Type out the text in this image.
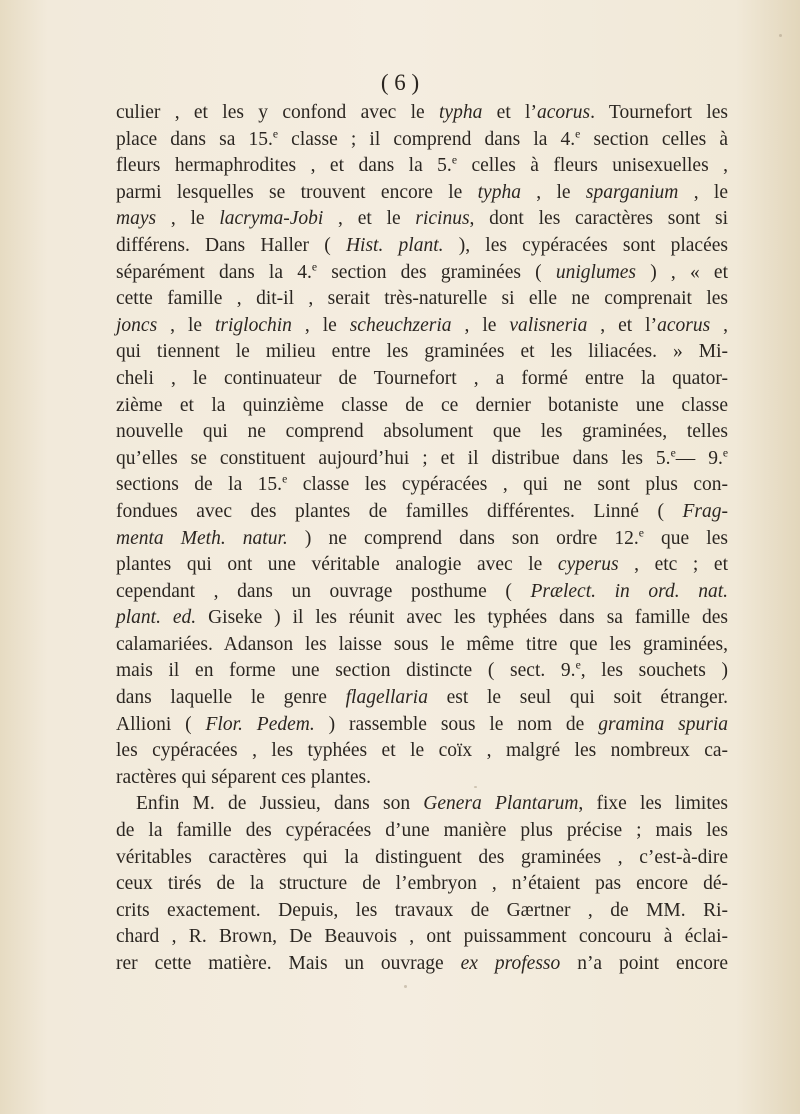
( 6 )
culier , et les y confond avec le typha et l’acorus. Tournefort les
place dans sa 15.$^e$ classe ; il comprend dans la 4.$^e$ section celles à
fleurs hermaphrodites , et dans la 5.$^e$ celles à fleurs unisexuelles ,
parmi lesquelles se trouvent encore le typha , le sparganium , le
mays , le lacryma-Jobi , et le ricinus, dont les caractères sont si
différens. Dans Haller ( Hist. plant. ), les cypéracées sont placées
séparément dans la 4.$^e$ section des graminées ( uniglumes ) , « et
cette famille , dit-il , serait très-naturelle si elle ne comprenait les
joncs , le triglochin , le scheuchzeria , le valisneria , et l’acorus ,
qui tiennent le milieu entre les graminées et les liliacées. » Mi-
cheli , le continuateur de Tournefort , a formé entre la quator-
zième et la quinzième classe de ce dernier botaniste une classe
nouvelle qui ne comprend absolument que les graminées, telles
qu’elles se constituent aujourd’hui ; et il distribue dans les 5.$^e$— 9.$^e$
sections de la 15.$^e$ classe les cypéracées , qui ne sont plus con-
fondues avec des plantes de familles différentes. Linné ( Frag-
menta Meth. natur. ) ne comprend dans son ordre 12.$^e$ que les
plantes qui ont une véritable analogie avec le cyperus , etc ; et
cependant , dans un ouvrage posthume ( Prælect. in ord. nat.
plant. ed. Giseke ) il les réunit avec les typhées dans sa famille des
calamariées. Adanson les laisse sous le même titre que les graminées,
mais il en forme une section distincte ( sect. 9.$^e$, les souchets )
dans laquelle le genre flagellaria est le seul qui soit étranger.
Allioni ( Flor. Pedem. ) rassemble sous le nom de gramina spuria
les cypéracées , les typhées et le coïx , malgré les nombreux ca-
ractères qui séparent ces plantes.
Enfin M. de Jussieu, dans son Genera Plantarum, fixe les limites
de la famille des cypéracées d’une manière plus précise ; mais les
véritables caractères qui la distinguent des graminées , c’est-à-dire
ceux tirés de la structure de l’embryon , n’étaient pas encore dé-
crits exactement. Depuis, les travaux de Gærtner , de MM. Ri-
chard , R. Brown, De Beauvois , ont puissamment concouru à éclai-
rer cette matière. Mais un ouvrage ex professo n’a point encore
